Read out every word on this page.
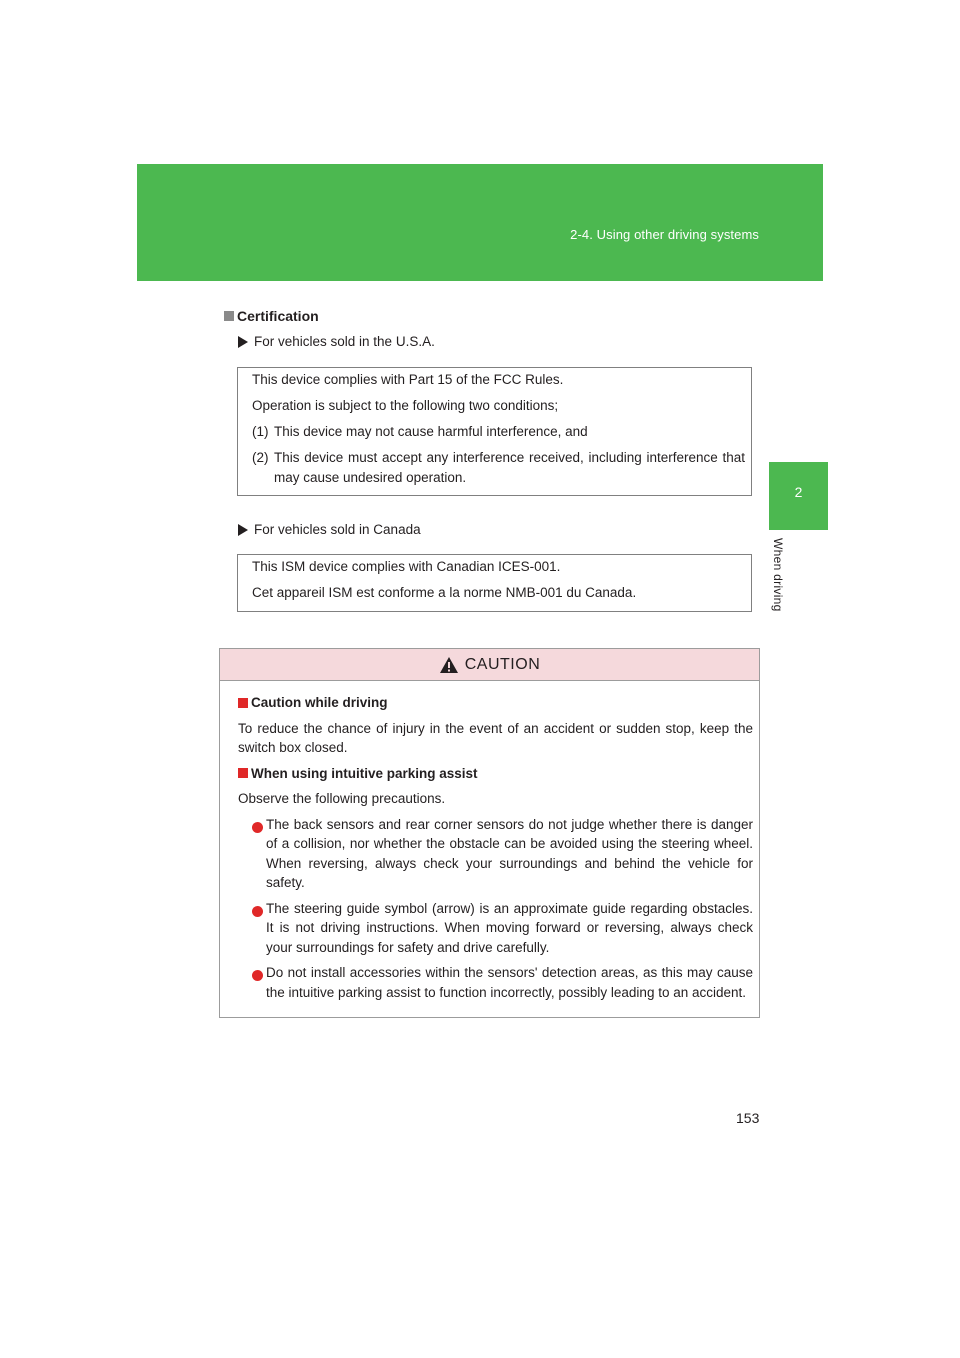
2-4. Using other driving systems
2
When driving
Certification
For vehicles sold in the U.S.A.

This device complies with Part 15 of the FCC Rules.

Operation is subject to the following two conditions;

(1) This device may not cause harmful interference, and
(2) This device must accept any interference received, including interference that may cause undesired operation.
For vehicles sold in Canada

This ISM device complies with Canadian ICES-001.

Cet appareil ISM est conforme a la norme NMB-001 du Canada.

CAUTION
Caution while driving

To reduce the chance of injury in the event of an accident or sudden stop, keep the switch box closed.

When using intuitive parking assist

Observe the following precautions.

The back sensors and rear corner sensors do not judge whether there is danger of a collision, nor whether the obstacle can be avoided using the steering wheel. When reversing, always check your surroundings and behind the vehicle for safety.
The steering guide symbol (arrow) is an approximate guide regarding obstacles. It is not driving instructions. When moving forward or reversing, always check your surroundings for safety and drive carefully.
Do not install accessories within the sensors' detection areas, as this may cause the intuitive parking assist to function incorrectly, possibly leading to an accident.
153
